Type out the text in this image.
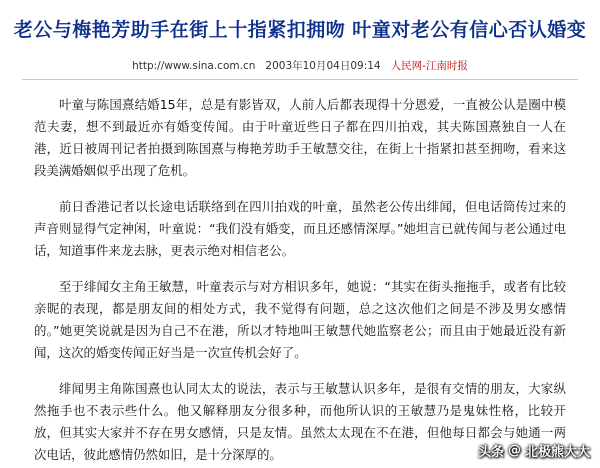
老公与梅艳芳助手在街上十指紧扣拥吻 叶童对老公有信心否认婚变
http://www.sina.com.cn 2003年10月04日09:14 人民网-江南时报

叶童与陈国熹结婚15年，总是有影皆双，人前人后都表现得十分恩爱，一直被公认是圈中模范夫妻，想不到最近亦有婚变传闻。由于叶童近些日子都在四川拍戏，其夫陈国熹独自一人在港，近日被周刊记者拍摄到陈国熹与梅艳芳助手王敏慧交往，在街上十指紧扣甚至拥吻，看来这段美满婚姻似乎出现了危机。

前日香港记者以长途电话联络到在四川拍戏的叶童，虽然老公传出绯闻，但电话筒传过来的声音则显得气定神闲，叶童说：“我们没有婚变，而且还感情深厚。”她坦言已就传闻与老公通过电话，知道事件来龙去脉，更表示绝对相信老公。

至于绯闻女主角王敏慧，叶童表示与对方相识多年，她说：“其实在街头拖拖手，或者有比较亲昵的表现，都是朋友间的相处方式，我不觉得有问题，总之这次他们之间是不涉及男女感情的。”她更笑说就是因为自己不在港，所以才特地叫王敏慧代她监察老公；而且由于她最近没有新闻，这次的婚变传闻正好当是一次宣传机会好了。

绯闻男主角陈国熹也认同太太的说法，表示与王敏慧认识多年，是很有交情的朋友，大家纵然拖手也不表示些什么。他又解释朋友分很多种，而他所认识的王敏慧乃是鬼妹性格，比较开放，但其实大家并不存在男女感情，只是友情。虽然太太现在不在港，但他每日都会与她通一两次电话，彼此感情仍然如旧，是十分深厚的。	头条 @ 北极熊大大
